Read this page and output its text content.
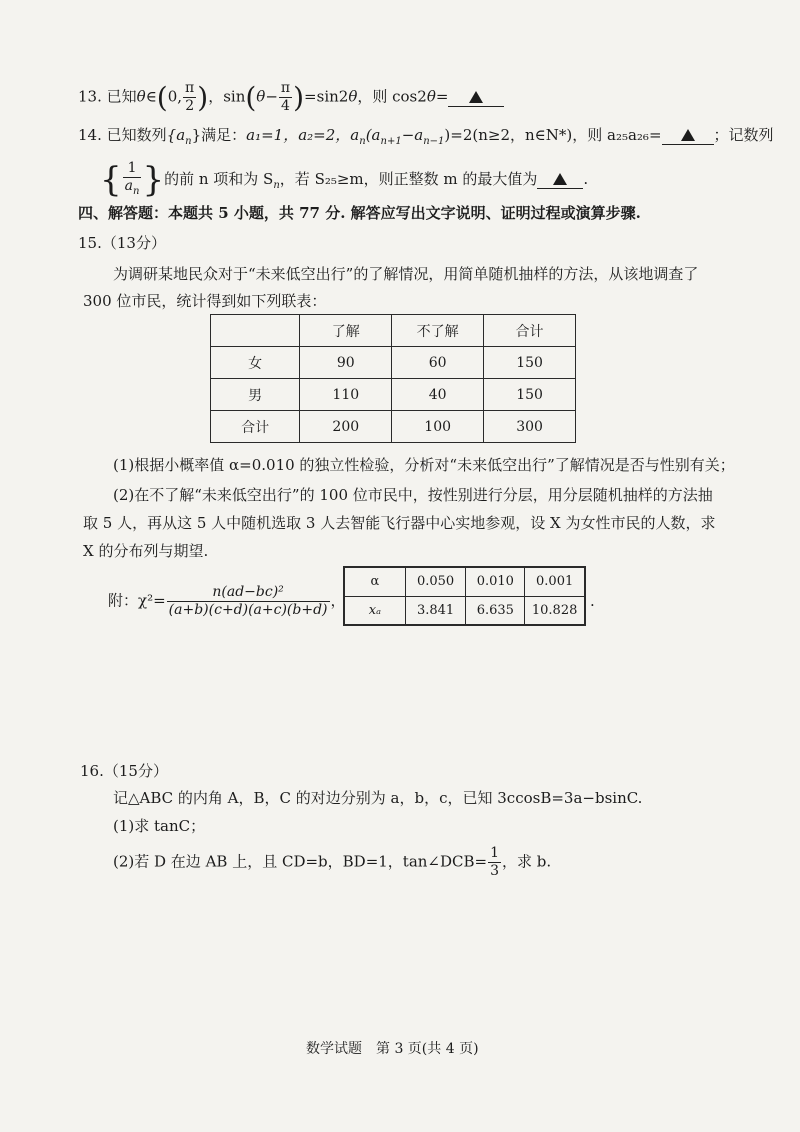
13. 已知θ∈(0, $\frac{\pi}{2}$ )，$\sin(\theta- \frac{\pi}{4} )=\sin 2\theta$，则 cos2θ=
14. 已知数列$\{a_n\}$满足：a₁=1，a₂=2，$a_n(a_{n+1}-a_{n-1})=2(n\ge 2$，n∈N*)，则 a₂₅a₂₆=	；记数列
{ $\frac{1}{a_n}$ }的前 n 项和为 $S_n$，若 S₂₅≥m，则正整数 m 的最大值为	.
四、解答题：本题共 5 小题，共 77 分. 解答应写出文字说明、证明过程或演算步骤.
15.（13分）
为调研某地民众对于“未来低空出行”的了解情况，用简单随机抽样的方法，从该地调查了
300 位市民，统计得到如下列联表：
	了解	不了解	合计
女	90	60	150
男	110	40	150
合计	200	100	300
(1)根据小概率值 α=0.010 的独立性检验，分析对“未来低空出行”了解情况是否与性别有关；
(2)在不了解“未来低空出行”的 100 位市民中，按性别进行分层，用分层随机抽样的方法抽
取 5 人，再从这 5 人中随机选取 3 人去智能飞行器中心实地参观，设 X 为女性市民的人数，求
X 的分布列与期望.
附：$\chi^2= \frac{\text{n(ad−bc)²}}{(a+b)(c+d)(a+c)(b+d)}$ ，
α	0.050	0.010	0.001
xₐ	3.841	6.635	10.828
.
16.（15分）
记△ABC 的内角 A，B，C 的对边分别为 a，b，c，已知 3ccosB=3a−bsinC.
(1)求 tanC；
(2)若 D 在边 AB 上，且 CD=b，BD=1，tan∠DCB= $\frac{1}{3}$ ，求 b.
数学试题　第 3 页(共 4 页)
